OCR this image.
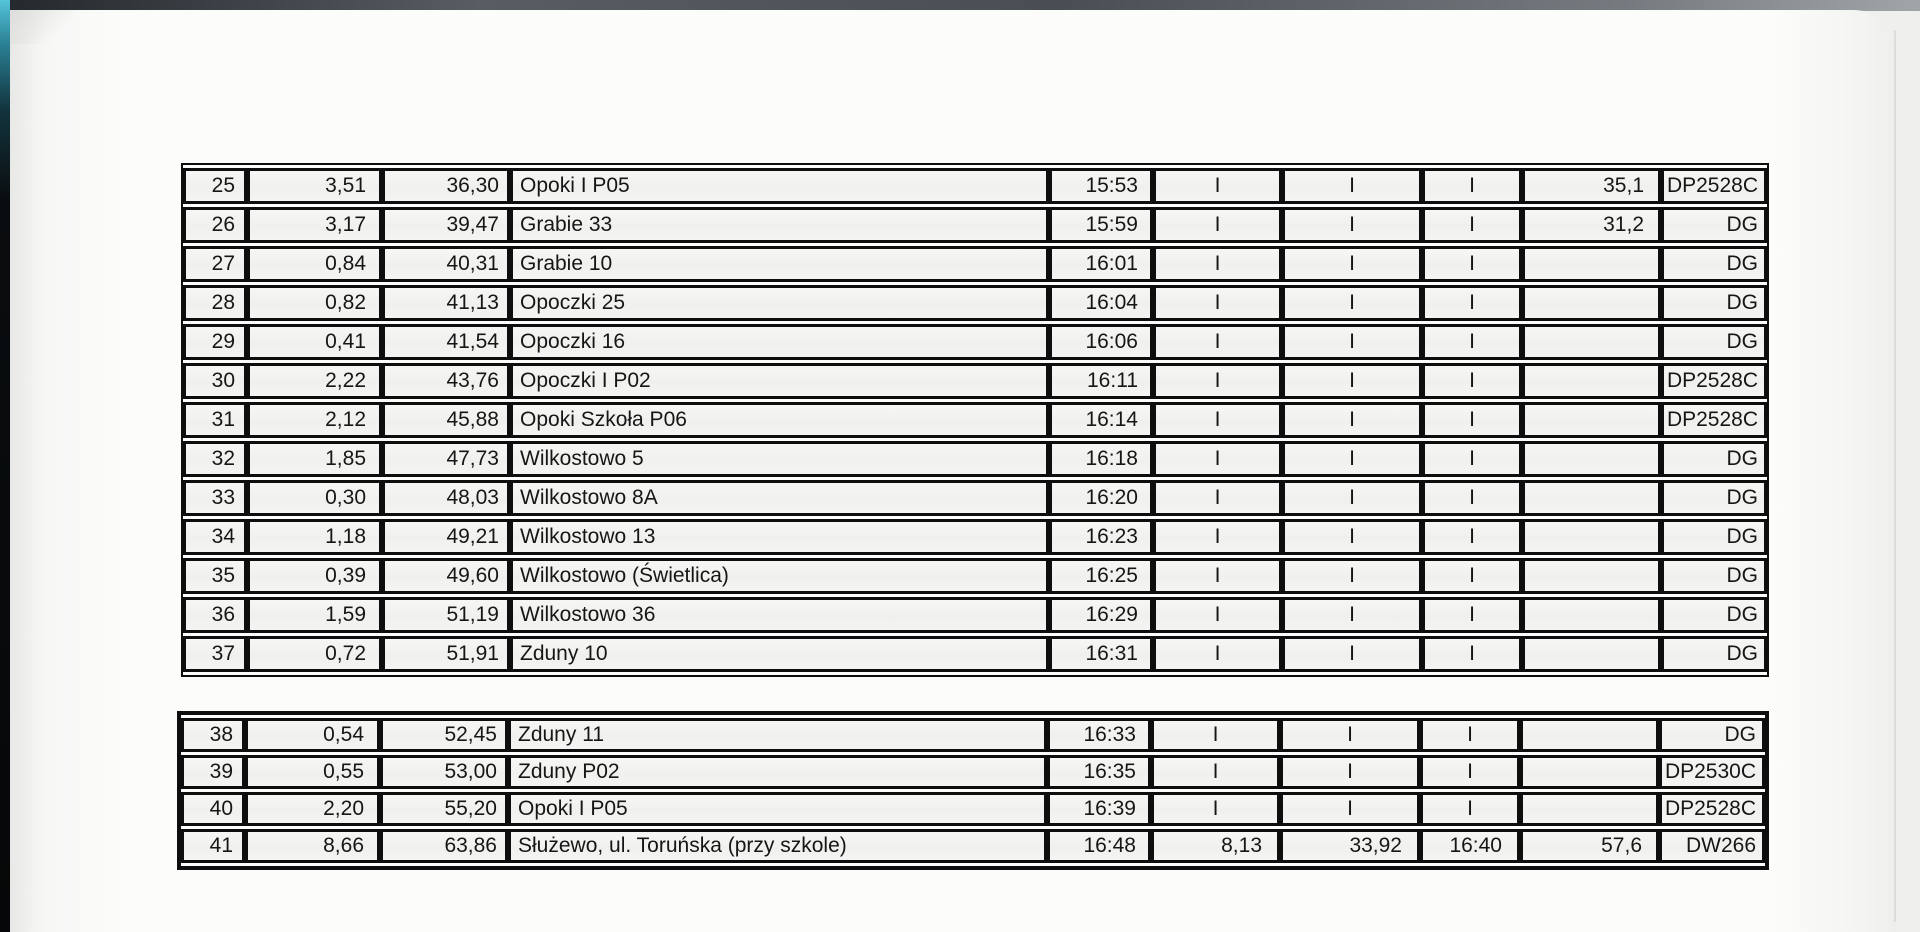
25	3,51	36,30	Opoki I P05	15:53	I	I	I	35,1	DP2528C
26	3,17	39,47	Grabie 33	15:59	I	I	I	31,2	DG
27	0,84	40,31	Grabie 10	16:01	I	I	I		DG
28	0,82	41,13	Opoczki 25	16:04	I	I	I		DG
29	0,41	41,54	Opoczki 16	16:06	I	I	I		DG
30	2,22	43,76	Opoczki I P02	16:11	I	I	I		DP2528C
31	2,12	45,88	Opoki Szkoła P06	16:14	I	I	I		DP2528C
32	1,85	47,73	Wilkostowo 5	16:18	I	I	I		DG
33	0,30	48,03	Wilkostowo 8A	16:20	I	I	I		DG
34	1,18	49,21	Wilkostowo 13	16:23	I	I	I		DG
35	0,39	49,60	Wilkostowo (Świetlica)	16:25	I	I	I		DG
36	1,59	51,19	Wilkostowo 36	16:29	I	I	I		DG
37	0,72	51,91	Zduny 10	16:31	I	I	I		DG
38	0,54	52,45	Zduny 11	16:33	I	I	I		DG
39	0,55	53,00	Zduny P02	16:35	I	I	I		DP2530C
40	2,20	55,20	Opoki I P05	16:39	I	I	I		DP2528C
41	8,66	63,86	Służewo, ul. Toruńska (przy szkole)	16:48	8,13	33,92	16:40	57,6	DW266
